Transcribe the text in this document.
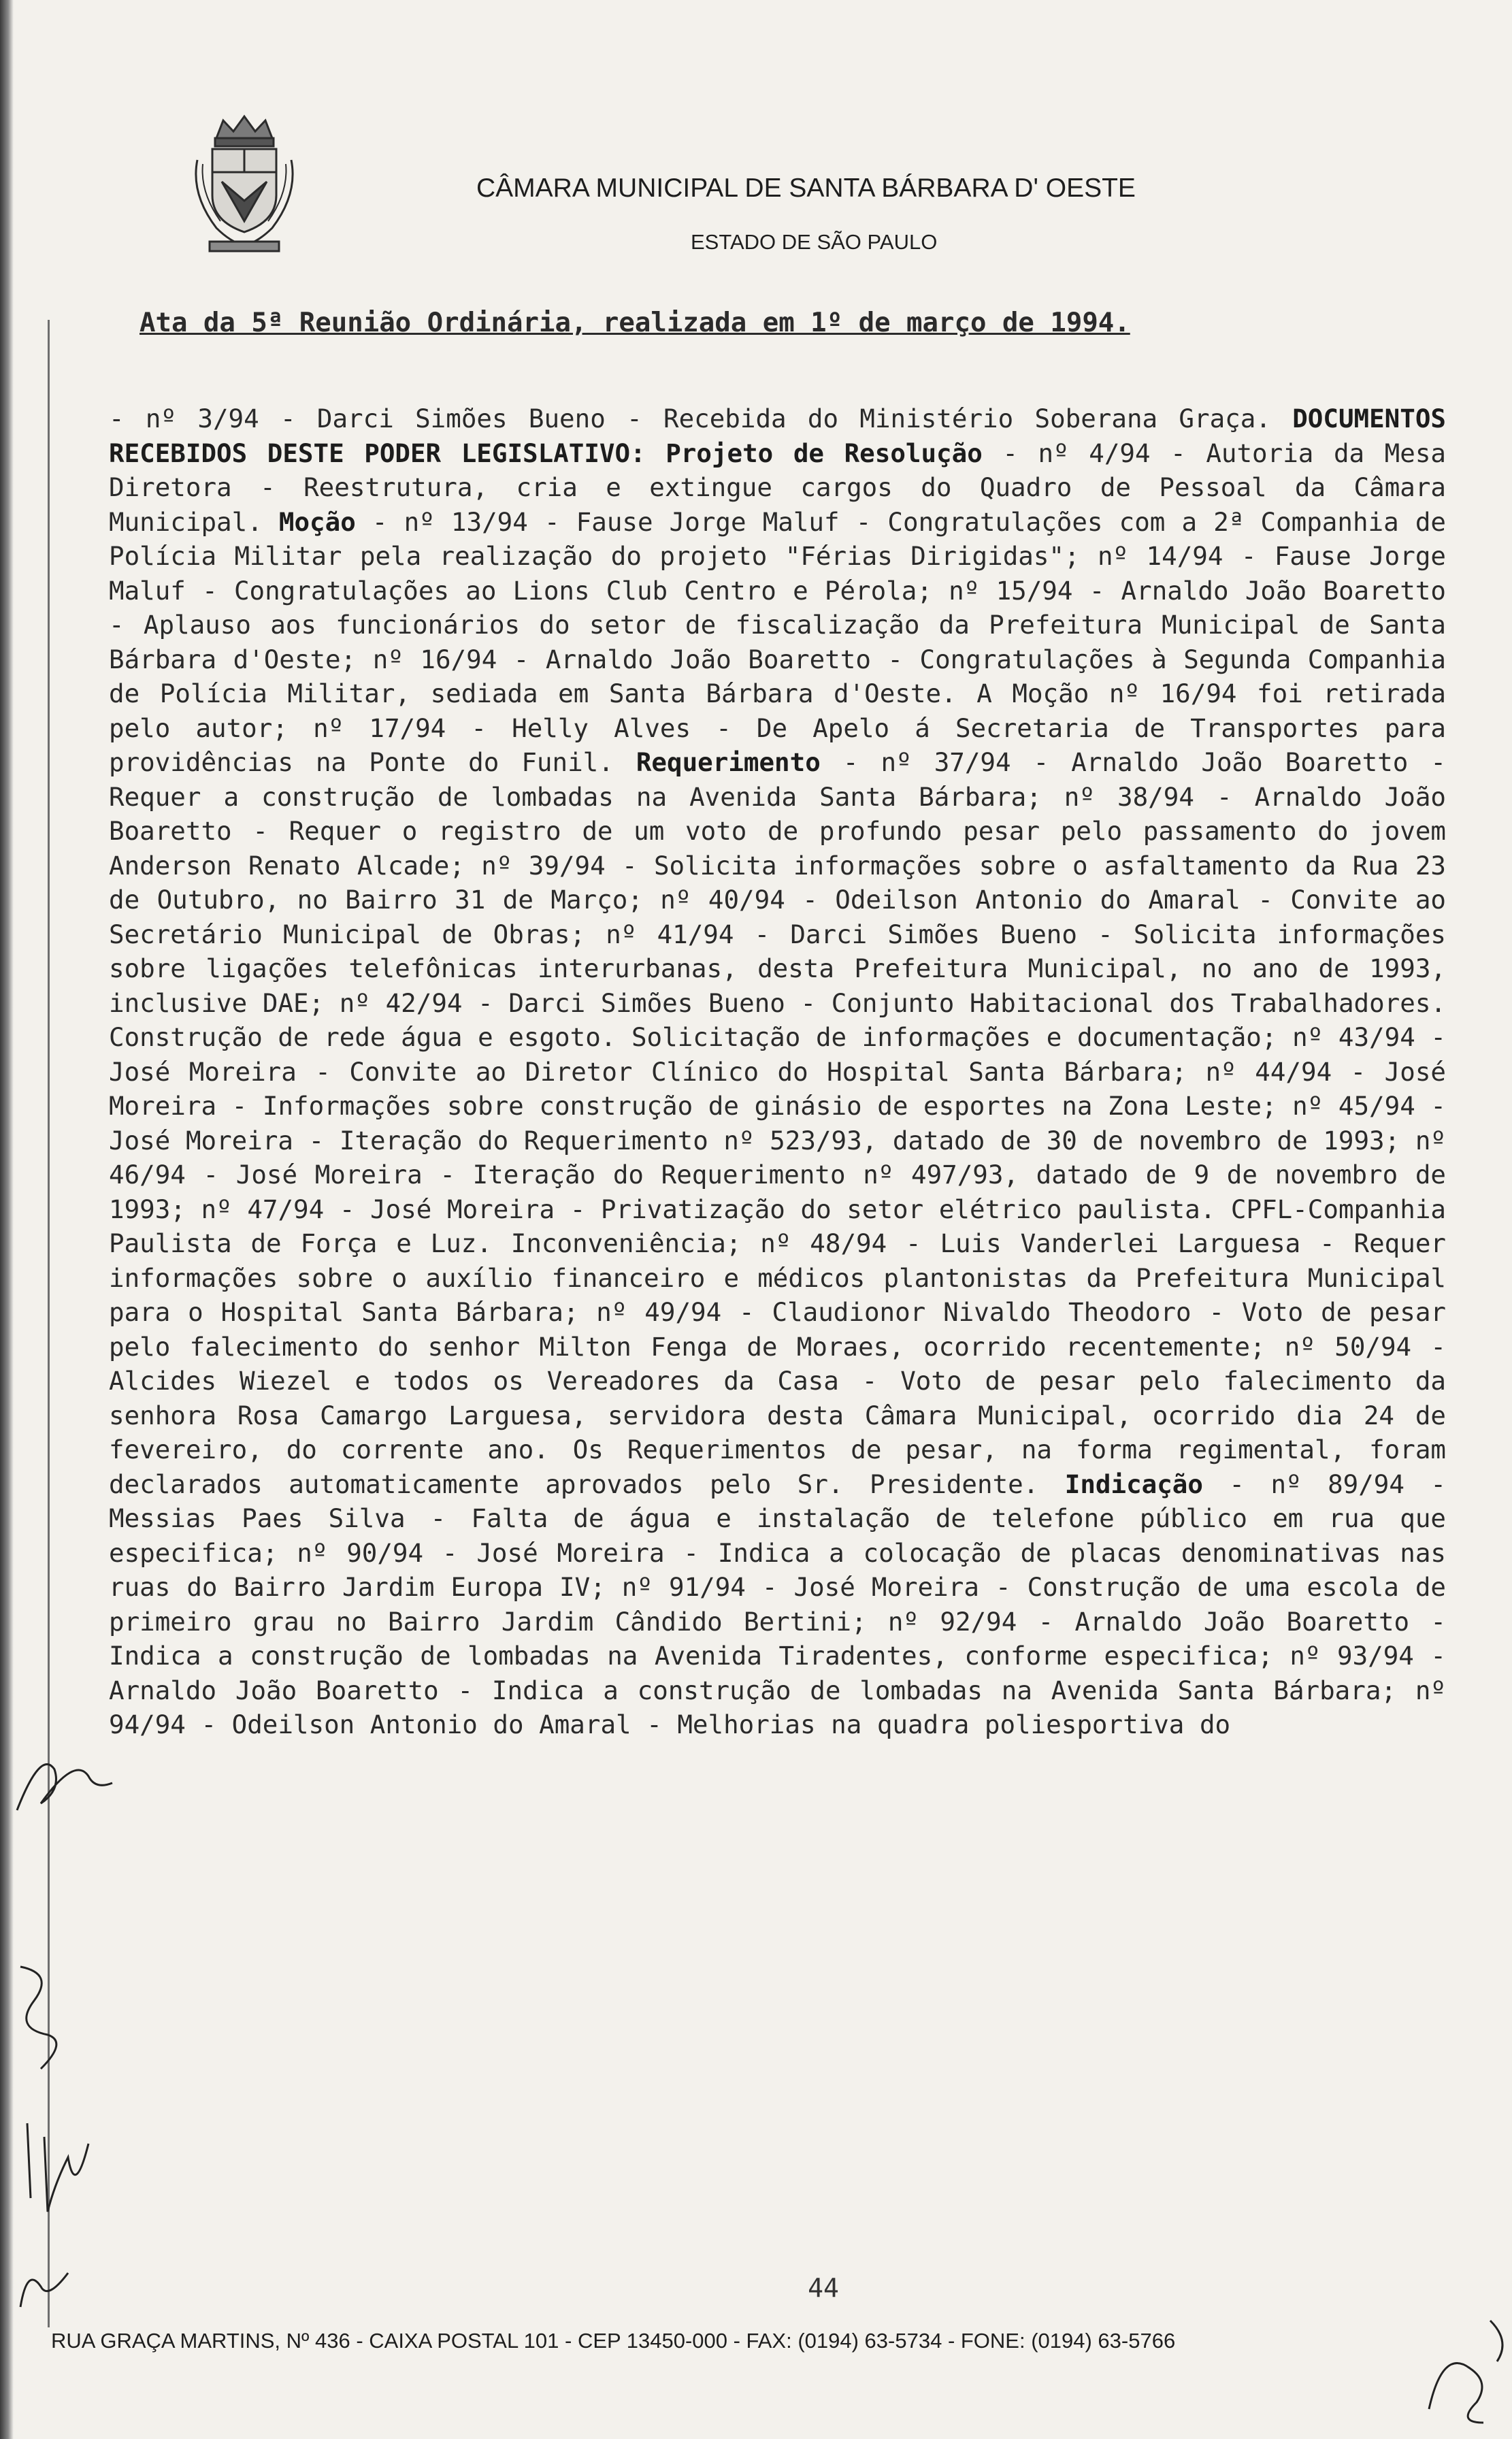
CÂMARA MUNICIPAL DE SANTA BÁRBARA D' OESTE
ESTADO DE SÃO PAULO
Ata da 5ª Reunião Ordinária, realizada em 1º de março de 1994.
- nº 3/94 - Darci Simões Bueno - Recebida do Ministério Soberana Graça. DOCUMENTOS RECEBIDOS DESTE PODER LEGISLATIVO: Projeto de Resolução - nº 4/94 - Autoria da Mesa Diretora - Reestrutura, cria e extingue cargos do Quadro de Pessoal da Câmara Municipal. Moção - nº 13/94 - Fause Jorge Maluf - Congratulações com a 2ª Companhia de Polícia Militar pela realização do projeto "Férias Dirigidas"; nº 14/94 - Fause Jorge Maluf - Congratulações ao Lions Club Centro e Pérola; nº 15/94 - Arnaldo João Boaretto - Aplauso aos funcionários do setor de fiscalização da Prefeitura Municipal de Santa Bárbara d'Oeste; nº 16/94 - Arnaldo João Boaretto - Congratulações à Segunda Companhia de Polícia Militar, sediada em Santa Bárbara d'Oeste. A Moção nº 16/94 foi retirada pelo autor; nº 17/94 - Helly Alves - De Apelo á Secretaria de Transportes para providências na Ponte do Funil. Requerimento - nº 37/94 - Arnaldo João Boaretto - Requer a construção de lombadas na Avenida Santa Bárbara; nº 38/94 - Arnaldo João Boaretto - Requer o registro de um voto de profundo pesar pelo passamento do jovem Anderson Renato Alcade; nº 39/94 - Solicita informações sobre o asfaltamento da Rua 23 de Outubro, no Bairro 31 de Março; nº 40/94 - Odeilson Antonio do Amaral - Convite ao Secretário Municipal de Obras; nº 41/94 - Darci Simões Bueno - Solicita informações sobre ligações telefônicas interurbanas, desta Prefeitura Municipal, no ano de 1993, inclusive DAE; nº 42/94 - Darci Simões Bueno - Conjunto Habitacional dos Trabalhadores. Construção de rede água e esgoto. Solicitação de informações e documentação; nº 43/94 - José Moreira - Convite ao Diretor Clínico do Hospital Santa Bárbara; nº 44/94 - José Moreira - Informações sobre construção de ginásio de esportes na Zona Leste; nº 45/94 - José Moreira - Iteração do Requerimento nº 523/93, datado de 30 de novembro de 1993; nº 46/94 - José Moreira - Iteração do Requerimento nº 497/93, datado de 9 de novembro de 1993; nº 47/94 - José Moreira - Privatização do setor elétrico paulista. CPFL-Companhia Paulista de Força e Luz. Inconveniência; nº 48/94 - Luis Vanderlei Larguesa - Requer informações sobre o auxílio financeiro e médicos plantonistas da Prefeitura Municipal para o Hospital Santa Bárbara; nº 49/94 - Claudionor Nivaldo Theodoro - Voto de pesar pelo falecimento do senhor Milton Fenga de Moraes, ocorrido recentemente; nº 50/94 - Alcides Wiezel e todos os Vereadores da Casa - Voto de pesar pelo falecimento da senhora Rosa Camargo Larguesa, servidora desta Câmara Municipal, ocorrido dia 24 de fevereiro, do corrente ano. Os Requerimentos de pesar, na forma regimental, foram declarados automaticamente aprovados pelo Sr. Presidente. Indicação - nº 89/94 - Messias Paes Silva - Falta de água e instalação de telefone público em rua que especifica; nº 90/94 - José Moreira - Indica a colocação de placas denominativas nas ruas do Bairro Jardim Europa IV; nº 91/94 - José Moreira - Construção de uma escola de primeiro grau no Bairro Jardim Cândido Bertini; nº 92/94 - Arnaldo João Boaretto - Indica a construção de lombadas na Avenida Tiradentes, conforme especifica; nº 93/94 - Arnaldo João Boaretto - Indica a construção de lombadas na Avenida Santa Bárbara; nº 94/94 - Odeilson Antonio do Amaral - Melhorias na quadra poliesportiva do
44
RUA GRAÇA MARTINS, Nº 436 - CAIXA POSTAL 101 - CEP 13450-000 - FAX: (0194) 63-5734 - FONE: (0194) 63-5766
